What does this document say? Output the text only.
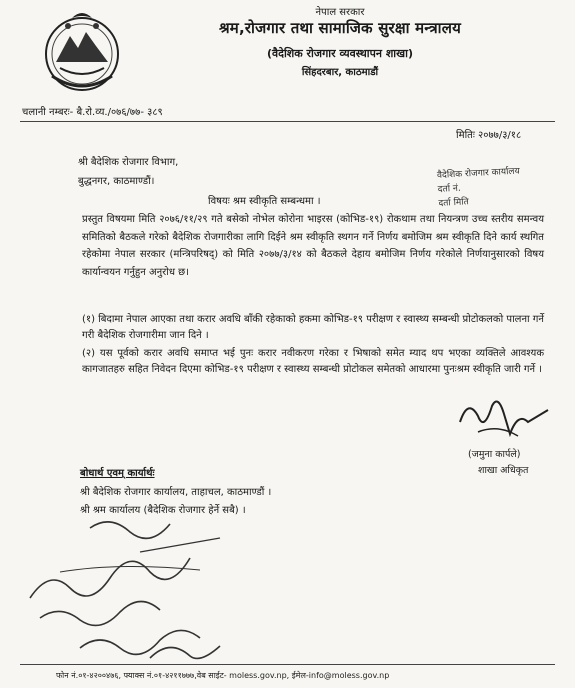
नेपाल सरकार
श्रम,रोजगार तथा सामाजिक सुरक्षा मन्त्रालय
(वैदेशिक रोजगार व्यवस्थापन शाखा)
सिंहदरबार, काठमाडौं
चलानी नम्बरः- बै.रो.व्य./०७६/७७- ३८९
मितिः २०७७/३/१८
श्री बैदेशिक रोजगार विभाग,
बुद्धनगर, काठमाण्डौं।
वैदेशिक रोजगार कार्यालय
दर्ता नं.
दर्ता मिति
विषयः श्रम स्वीकृति सम्बन्धमा ।
प्रस्तुत विषयमा मिति २०७६/११/२९ गते बसेको नोभेल कोरोना भाइरस (कोभिड-१९) रोकथाम तथा नियन्त्रण उच्च स्तरीय समन्वय समितिको बैठकले गरेको बैदेशिक रोजगारीका लागि दिईने श्रम स्वीकृति स्थगन गर्ने निर्णय बमोजिम श्रम स्वीकृति दिने कार्य स्थगित रहेकोमा नेपाल सरकार (मन्त्रिपरिषद्) को मिति २०७७/३/१४ को बैठकले देहाय बमोजिम निर्णय गरेकोले निर्णयानुसारको विषय कार्यान्वयन गर्नुहुन अनुरोध छ।
(१) बिदामा नेपाल आएका तथा करार अवधि बाँकी रहेकाको हकमा कोभिड-१९ परीक्षण र स्वास्थ्य सम्बन्धी प्रोटोकलको पालना गर्ने गरी बैदेशिक रोजगारीमा जान दिने ।
(२) यस पूर्वको करार अवधि समाप्त भई पुनः करार नवीकरण गरेका र भिषाको समेत म्याद थप भएका व्यक्तिले आवश्यक कागजातहरु सहित निवेदन दिएमा कोभिड-१९ परीक्षण र स्वास्थ्य सम्बन्धी प्रोटोकल समेतको आधारमा पुनःश्रम स्वीकृति जारी गर्ने ।
(जमुना कार्पले)
शाखा अधिकृत
बोधार्थ एवम् कार्यार्थः
श्री बैदेशिक रोजगार कार्यालय, ताहाचल, काठमाण्डौं ।
श्री श्रम कार्यालय (बैदेशिक रोजगार हेर्ने सबै) ।
फोन नं.०१-४२००४७६, फ्याक्स नं.०१-४२११७७७,वेब साईट- moless.gov.np, ईमेल-info@moless.gov.np
